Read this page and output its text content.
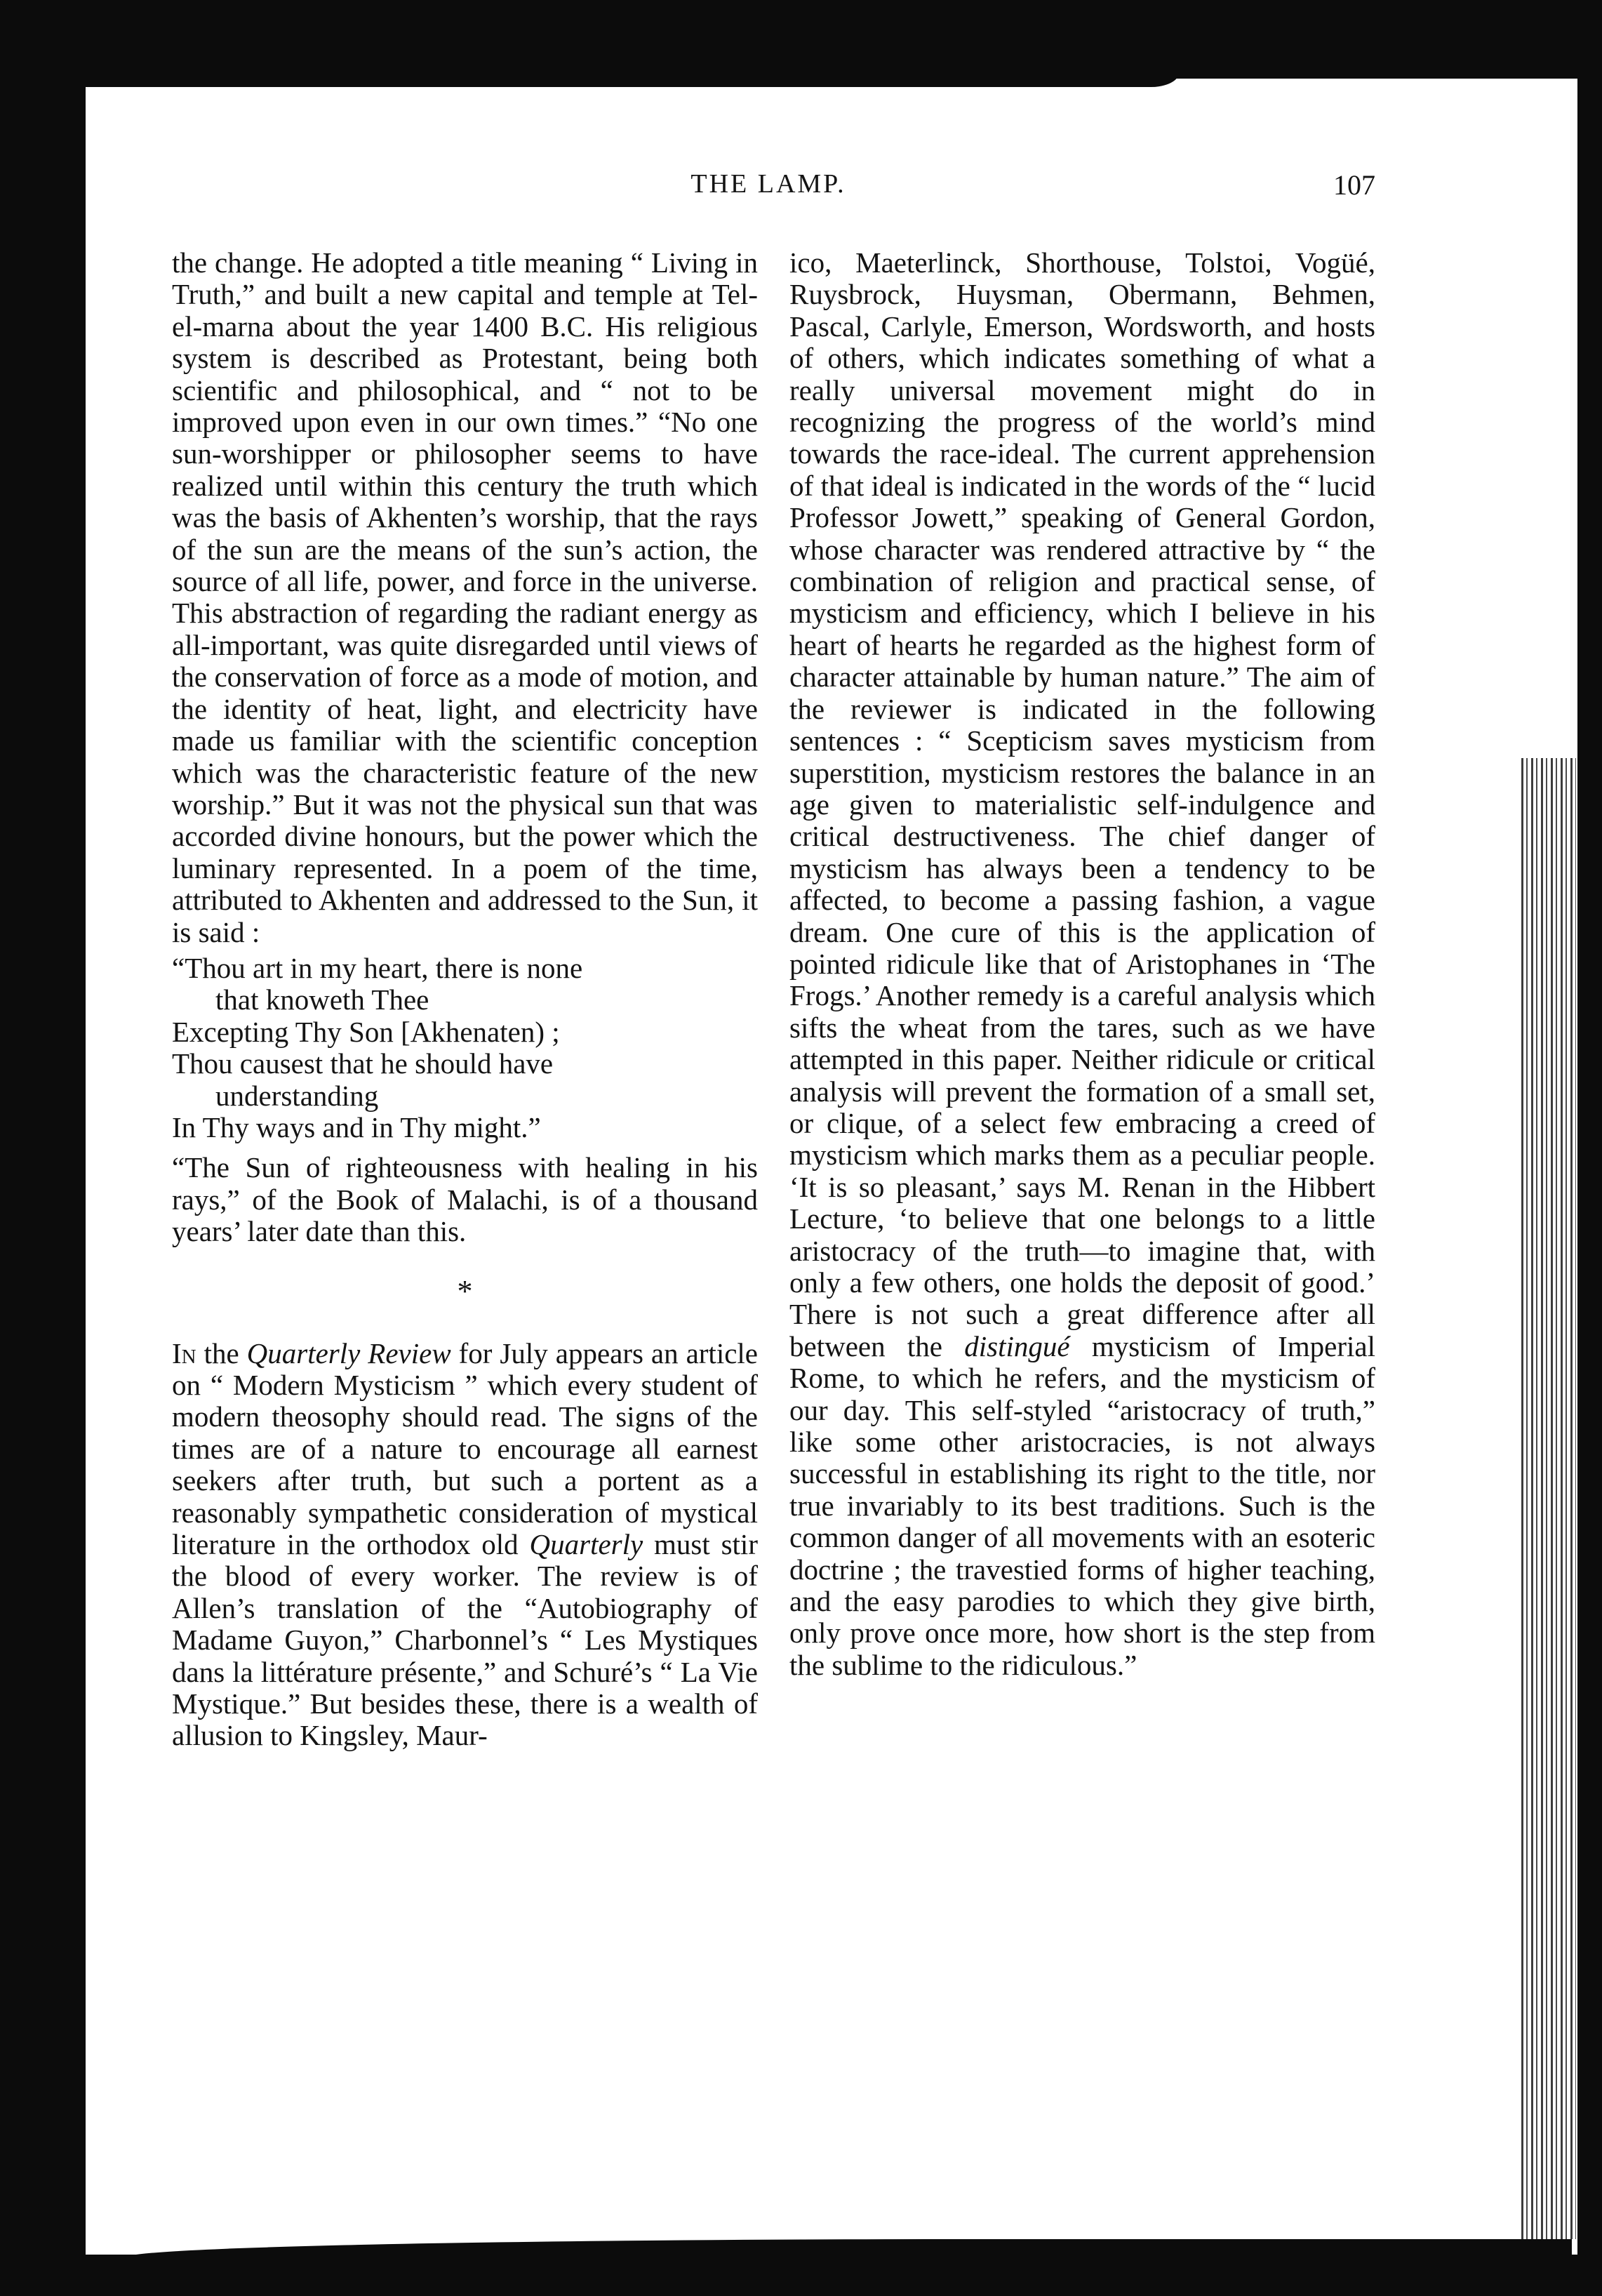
THE LAMP.	107

the change. He adopted a title meaning “ Living in Truth,” and built a new capital and temple at Tel-el-marna about the year 1400 B.C. His religious system is described as Protestant, being both scientific and philosophical, and “ not to be improved upon even in our own times.” “No one sun-worshipper or philosopher seems to have realized until within this century the truth which was the basis of Akhenten’s worship, that the rays of the sun are the means of the sun’s action, the source of all life, power, and force in the universe. This abstraction of regarding the radiant energy as all-important, was quite disregarded until views of the conservation of force as a mode of motion, and the identity of heat, light, and electricity have made us familiar with the scientific conception which was the characteristic feature of the new worship.” But it was not the physical sun that was accorded divine honours, but the power which the luminary represented. In a poem of the time, attributed to Akhenten and addressed to the Sun, it is said :

“Thou art in my heart, there is none
that knoweth Thee
Excepting Thy Son [Akhenaten) ;
Thou causest that he should have
understanding
In Thy ways and in Thy might.”

“The Sun of righteousness with healing in his rays,” of the Book of Malachi, is of a thousand years’ later date than this.

*

In the Quarterly Review for July appears an article on “ Modern Mysticism ” which every student of modern theosophy should read. The signs of the times are of a nature to encourage all earnest seekers after truth, but such a portent as a reasonably sympathetic consideration of mystical literature in the orthodox old Quarterly must stir the blood of every worker. The review is of Allen’s translation of the “Autobiography of Madame Guyon,” Charbonnel’s “ Les Mystiques dans la littérature présente,” and Schuré’s “ La Vie Mystique.” But besides these, there is a wealth of allusion to Kingsley, Maur-

ico, Maeterlinck, Shorthouse, Tolstoi, Vogüé, Ruysbrock, Huysman, Obermann, Behmen, Pascal, Carlyle, Emerson, Wordsworth, and hosts of others, which indicates something of what a really universal movement might do in recognizing the progress of the world’s mind towards the race-ideal. The current apprehension of that ideal is indicated in the words of the “ lucid Professor Jowett,” speaking of General Gordon, whose character was rendered attractive by “ the combination of religion and practical sense, of mysticism and efficiency, which I believe in his heart of hearts he regarded as the highest form of character attainable by human nature.” The aim of the reviewer is indicated in the following sentences : “ Scepticism saves mysticism from superstition, mysticism restores the balance in an age given to materialistic self-indulgence and critical destructiveness. The chief danger of mysticism has always been a tendency to be affected, to become a passing fashion, a vague dream. One cure of this is the application of pointed ridicule like that of Aristophanes in ‘The Frogs.’ Another remedy is a careful analysis which sifts the wheat from the tares, such as we have attempted in this paper. Neither ridicule or critical analysis will prevent the formation of a small set, or clique, of a select few embracing a creed of mysticism which marks them as a peculiar people. ‘It is so pleasant,’ says M. Renan in the Hibbert Lecture, ‘to believe that one belongs to a little aristocracy of the truth—to imagine that, with only a few others, one holds the deposit of good.’ There is not such a great difference after all between the distingué mysticism of Imperial Rome, to which he refers, and the mysticism of our day. This self-styled “aristocracy of truth,” like some other aristocracies, is not always successful in establishing its right to the title, nor true invariably to its best traditions. Such is the common danger of all movements with an esoteric doctrine ; the travestied forms of higher teaching, and the easy parodies to which they give birth, only prove once more, how short is the step from the sublime to the ridiculous.”
